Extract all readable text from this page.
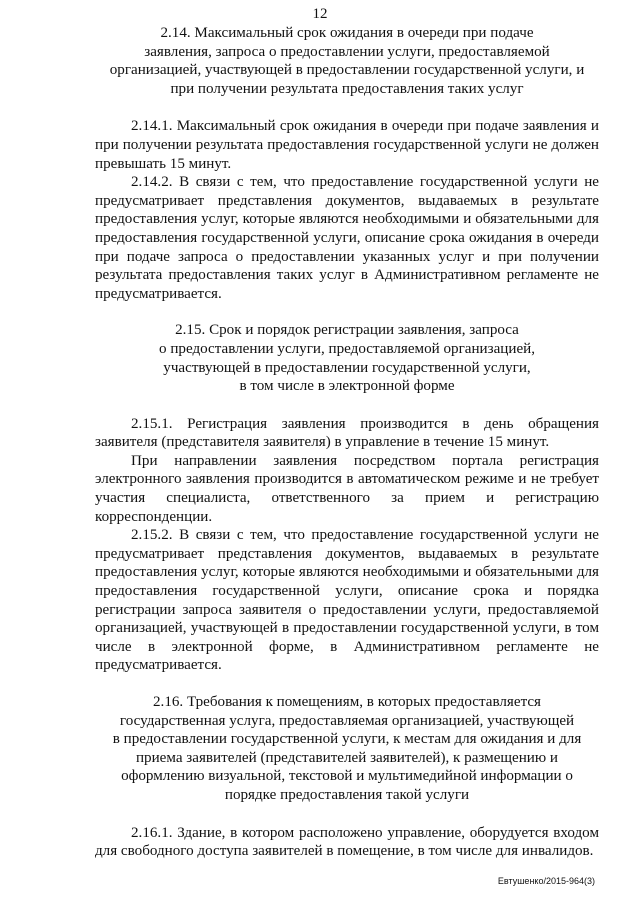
12
2.14. Максимальный срок ожидания в очереди при подаче
заявления, запроса о предоставлении услуги, предоставляемой
организацией, участвующей в предоставлении государственной услуги, и
при получении результата предоставления таких услуг

2.14.1. Максимальный срок ожидания в очереди при подаче заявления и при получении результата предоставления государственной услуги не должен превышать 15 минут.

2.14.2. В связи с тем, что предоставление государственной услуги не предусматривает представления документов, выдаваемых в результате предоставления услуг, которые являются необходимыми и обязательными для предоставления государственной услуги, описание срока ожидания в очереди при подаче запроса о предоставлении указанных услуг и при получении результата предоставления таких услуг в Административном регламенте не предусматривается.

2.15. Срок и порядок регистрации заявления, запроса
о предоставлении услуги, предоставляемой организацией,
участвующей в предоставлении государственной услуги,
в том числе в электронной форме

2.15.1. Регистрация заявления производится в день обращения заявителя (представителя заявителя) в управление в течение 15 минут.

При направлении заявления посредством портала регистрация электронного заявления производится в автоматическом режиме и не требует участия специалиста, ответственного за прием и регистрацию корреспонденции.

2.15.2. В связи с тем, что предоставление государственной услуги не предусматривает представления документов, выдаваемых в результате предоставления услуг, которые являются необходимыми и обязательными для предоставления государственной услуги, описание срока и порядка регистрации запроса заявителя о предоставлении услуги, предоставляемой организацией, участвующей в предоставлении государственной услуги, в том числе в электронной форме, в Административном регламенте не предусматривается.

2.16. Требования к помещениям, в которых предоставляется
государственная услуга, предоставляемая организацией, участвующей
в предоставлении государственной услуги, к местам для ожидания и для
приема заявителей (представителей заявителей), к размещению и
оформлению визуальной, текстовой и мультимедийной информации о
порядке предоставления такой услуги

2.16.1. Здание, в котором расположено управление, оборудуется входом для свободного доступа заявителей в помещение, в том числе для инвалидов.

Евтушенко/2015-964(3)
